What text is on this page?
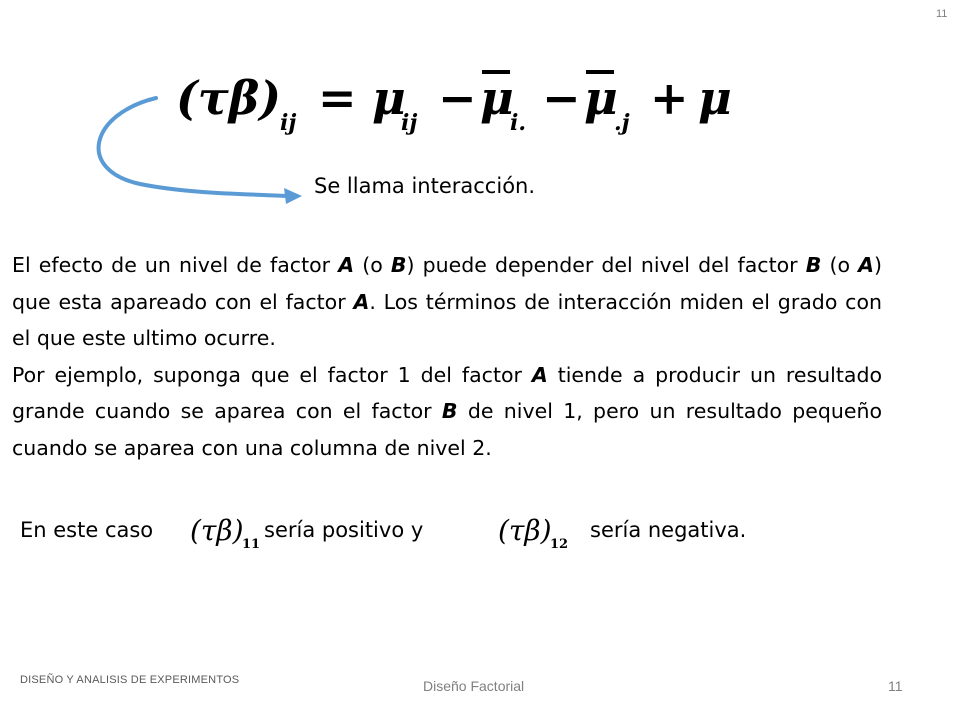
11
(τβ)
ij = μ
ij − μ
i. − μ
.j + μ
Se llama interacción.

El efecto de un nivel de factor A (o B) puede depender del nivel del factor B (o A) que esta apareado con el factor A. Los términos de interacción miden el grado con el que este ultimo ocurre.

Por ejemplo, suponga que el factor 1 del factor A tiende a producir un resultado grande cuando se aparea con el factor B de nivel 1, pero un resultado pequeño cuando se aparea con una columna de nivel 2.

En este caso (τβ)
11
sería positivo y	(τβ)
12
sería negativa.
DISEÑO Y ANALISIS DE EXPERIMENTOS	Diseño Factorial	11
